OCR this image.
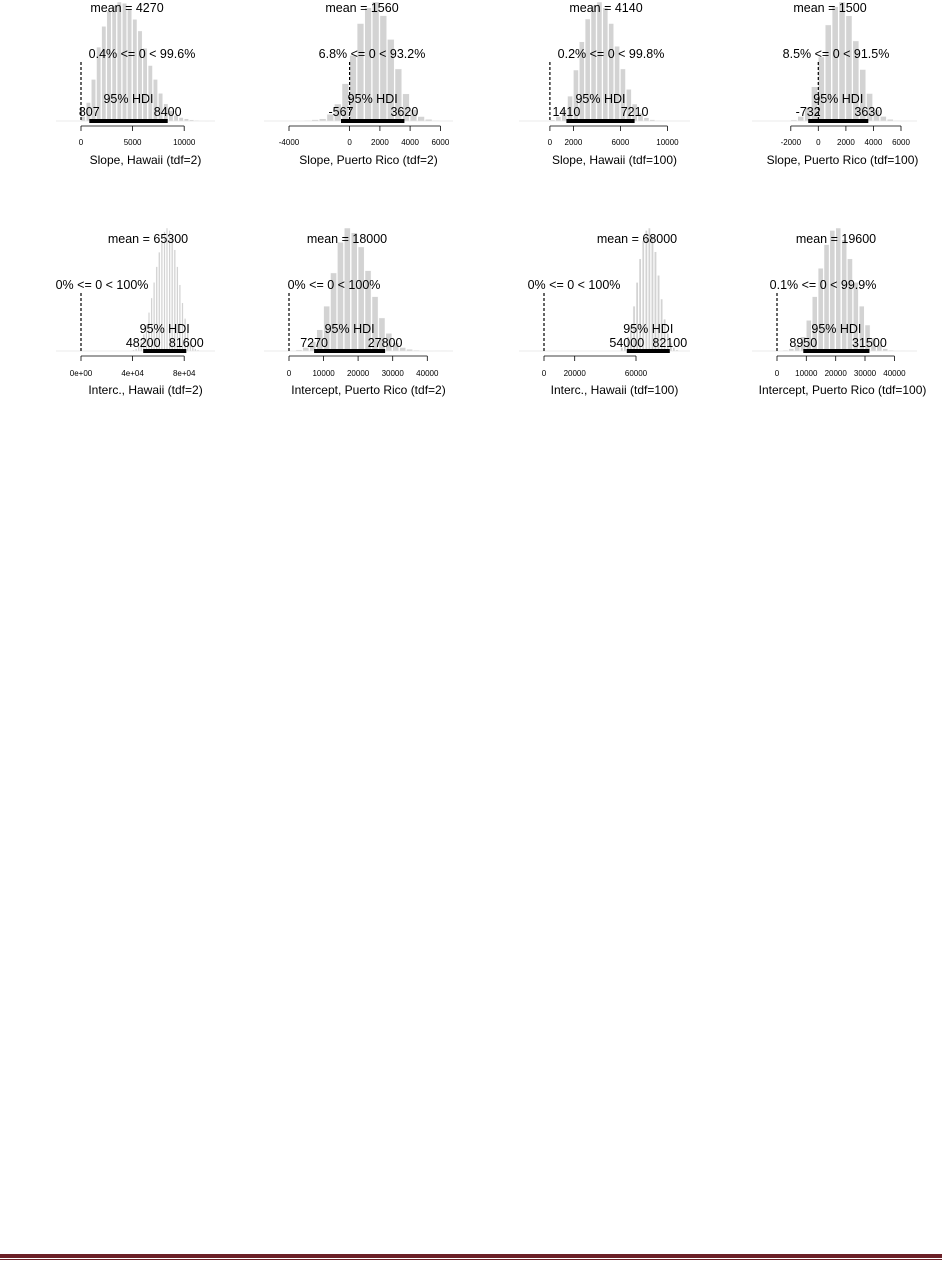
mean = 4270
0.4% <= 0 < 99.6%
95% HDI
807	8400
0	5000	10000
Slope, Hawaii (tdf=2)
mean = 1560
6.8% <= 0 < 93.2%
95% HDI
-567	3620
-4000	0 2000 4000 6000
Slope, Puerto Rico (tdf=2)
mean = 4140
0.2% <= 0 < 99.8%
95% HDI
1410	7210
0 2000	6000	10000
Slope, Hawaii (tdf=100)
mean = 1500
8.5% <= 0 < 91.5%
95% HDI
-732	3630
-2000 0 2000 4000 6000
Slope, Puerto Rico (tdf=100)
mean = 65300
0% <= 0 < 100%
95% HDI
48200 81600
0e+00	4e+04	8e+04
Interc., Hawaii (tdf=2)
mean = 18000
0% <= 0 < 100%
95% HDI
7270	27800
0	10000 20000 30000 40000
Intercept, Puerto Rico (tdf=2)
mean = 68000
0% <= 0 < 100%
95% HDI
54000 82100
0 20000	60000
Interc., Hawaii (tdf=100)
mean = 19600
0.1% <= 0 < 99.9%
95% HDI
8950	31500
0 10000 20000 30000 40000
Intercept, Puerto Rico (tdf=100)
